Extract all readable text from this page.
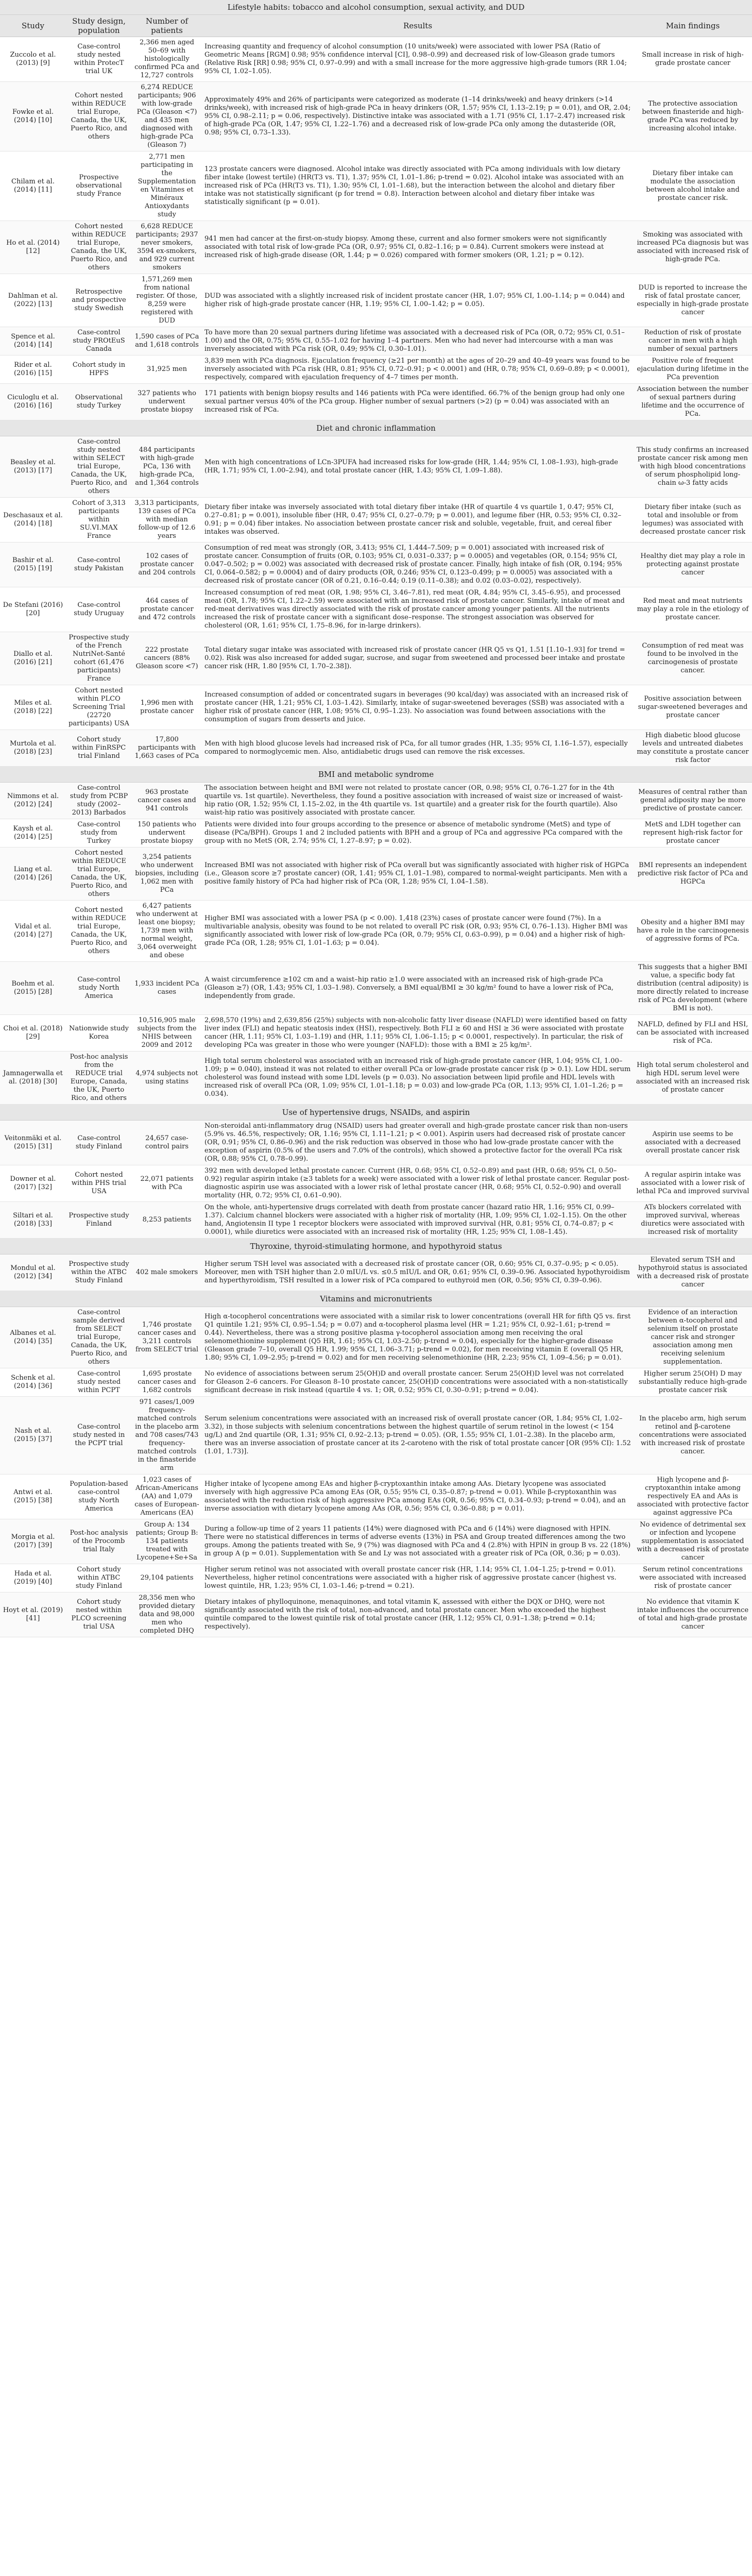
Lifestyle habits: tobacco and alcohol consumption, sexual activity, and DUD				
Study	Study design, population	Number of patients	Results	Main findings
Zuccolo et al. (2013) [9]	Case-control study nested within ProtecT trial UK	2,366 men aged 50–69 with histologically confirmed PCa and 12,727 controls	Increasing quantity and frequency of alcohol consumption (10 units/week) were associated with lower PSA (Ratio of Geometric Means [RGM] 0.98; 95% confidence interval [CI], 0.98–0.99) and decreased risk of low-Gleason grade tumors (Relative Risk [RR] 0.98; 95% CI, 0.97–0.99) and with a small increase for the more aggressive high-grade tumors (RR 1.04; 95% CI, 1.02–1.05).	Small increase in risk of high-grade prostate cancer
Fowke et al. (2014) [10]	Cohort nested within REDUCE trial Europe, Canada, the UK, Puerto Rico, and others	6,274 REDUCE participants; 906 with low-grade PCa (Gleason <7) and 435 men diagnosed with high-grade PCa (Gleason 7)	Approximately 49% and 26% of participants were categorized as moderate (1–14 drinks/week) and heavy drinkers (>14 drinks/week), with increased risk of high-grade PCa in heavy drinkers (OR, 1.57; 95% CI, 1.13–2.19; p = 0.01), and OR, 2.04; 95% CI, 0.98–2.11; p = 0.06, respectively). Distinctive intake was associated with a 1.71 (95% CI, 1.17–2.47) increased risk of high-grade PCa (OR, 1.47; 95% CI, 1.22–1.76) and a decreased risk of low-grade PCa only among the dutasteride (OR, 0.98; 95% CI, 0.73–1.33).	The protective association between finasteride and high-grade PCa was reduced by increasing alcohol intake.
Chilam et al. (2014) [11]	Prospective observational study France	2,771 men participating in the Supplementation en Vitamines et Minéraux Antioxydants study	123 prostate cancers were diagnosed. Alcohol intake was directly associated with PCa among individuals with low dietary fiber intake (lowest tertile) (HR(T3 vs. T1), 1.37; 95% CI, 1.01–1.86; p-trend = 0.02). Alcohol intake was associated with an increased risk of PCa (HR(T3 vs. T1), 1.30; 95% CI, 1.01–1.68), but the interaction between the alcohol and dietary fiber intake was not statistically significant (p for trend = 0.8). Interaction between alcohol and dietary fiber intake was statistically significant (p = 0.01).	Dietary fiber intake can modulate the association between alcohol intake and prostate cancer risk.
Ho et al. (2014) [12]	Cohort nested within REDUCE trial Europe, Canada, the UK, Puerto Rico, and others	6,628 REDUCE participants; 2937 never smokers, 3594 ex-smokers, and 929 current smokers	941 men had cancer at the first-on-study biopsy. Among these, current and also former smokers were not significantly associated with total risk of low-grade PCa (OR, 0.97; 95% CI, 0.82–1.16; p = 0.84). Current smokers were instead at increased risk of high-grade disease (OR, 1.44; p = 0.026) compared with former smokers (OR, 1.21; p = 0.12).	Smoking was associated with increased PCa diagnosis but was associated with increased risk of high-grade PCa.
Dahlman et al. (2022) [13]	Retrospective and prospective study Swedish	1,571,269 men from national register. Of those, 8,259 were registered with DUD	DUD was associated with a slightly increased risk of incident prostate cancer (HR, 1.07; 95% CI, 1.00–1.14; p = 0.044) and higher risk of high-grade prostate cancer (HR, 1.19; 95% CI, 1.00–1.42; p = 0.05).	DUD is reported to increase the risk of fatal prostate cancer, especially in high-grade prostate cancer
Spence et al. (2014) [14]	Case-control study PROtEuS Canada	1,590 cases of PCa and 1,618 controls	To have more than 20 sexual partners during lifetime was associated with a decreased risk of PCa (OR, 0.72; 95% CI, 0.51–1.00) and the OR, 0.75; 95% CI, 0.55–1.02 for having 1–4 partners. Men who had never had intercourse with a man was inversely associated with PCa risk (OR, 0.49; 95% CI, 0.30–1.01).	Reduction of risk of prostate cancer in men with a high number of sexual partners
Rider et al. (2016) [15]	Cohort study in HPFS	31,925 men	3,839 men with PCa diagnosis. Ejaculation frequency (≥21 per month) at the ages of 20–29 and 40–49 years was found to be inversely associated with PCa risk (HR, 0.81; 95% CI, 0.72–0.91; p < 0.0001) and (HR, 0.78; 95% CI, 0.69–0.89; p < 0.0001), respectively, compared with ejaculation frequency of 4–7 times per month.	Positive role of frequent ejaculation during lifetime in the PCa prevention
Ciculoglu et al. (2016) [16]	Observational study Turkey	327 patients who underwent prostate biopsy	171 patients with benign biopsy results and 146 patients with PCa were identified. 66.7% of the benign group had only one sexual partner versus 40% of the PCa group. Higher number of sexual partners (>2) (p = 0.04) was associated with an increased risk of PCa.	Association between the number of sexual partners during lifetime and the occurrence of PCa.
Diet and chronic inflammation				
Beasley et al. (2013) [17]	Case-control study nested within SELECT trial Europe, Canada, the UK, Puerto Rico, and others	484 participants with high-grade PCa, 136 with high-grade PCa, and 1,364 controls	Men with high concentrations of LCn-3PUFA had increased risks for low-grade (HR, 1.44; 95% CI, 1.08–1.93), high-grade (HR, 1.71; 95% CI, 1.00–2.94), and total prostate cancer (HR, 1.43; 95% CI, 1.09–1.88).	This study confirms an increased prostate cancer risk among men with high blood concentrations of serum phospholipid long-chain ω-3 fatty acids
Deschasaux et al. (2014) [18]	Cohort of 3,313 participants within SU.VI.MAX France	3,313 participants, 139 cases of PCa with median follow-up of 12.6 years	Dietary fiber intake was inversely associated with total dietary fiber intake (HR of quartile 4 vs quartile 1, 0.47; 95% CI, 0.27–0.81; p = 0.001), insoluble fiber (HR, 0.47; 95% CI, 0.27–0.79; p = 0.001), and legume fiber (HR, 0.53; 95% CI, 0.32–0.91; p = 0.04) fiber intakes. No association between prostate cancer risk and soluble, vegetable, fruit, and cereal fiber intakes was observed.	Dietary fiber intake (such as total and insoluble or from legumes) was associated with decreased prostate cancer risk
Bashir et al. (2015) [19]	Case-control study Pakistan	102 cases of prostate cancer and 204 controls	Consumption of red meat was strongly (OR, 3.413; 95% CI, 1.444–7.509; p = 0.001) associated with increased risk of prostate cancer. Consumption of fruits (OR, 0.103; 95% CI, 0.031–0.337; p = 0.0005) and vegetables (OR, 0.154; 95% CI, 0.047–0.502; p = 0.002) was associated with decreased risk of prostate cancer. Finally, high intake of fish (OR, 0.194; 95% CI, 0.064–0.582; p = 0.0004) and of dairy products (OR, 0.246; 95% CI, 0.123–0.499; p = 0.0005) was associated with a decreased risk of prostate cancer (OR of 0.21, 0.16–0.44; 0.19 (0.11–0.38); and 0.02 (0.03–0.02), respectively).	Healthy diet may play a role in protecting against prostate cancer
De Stefani (2016) [20]	Case-control study Uruguay	464 cases of prostate cancer and 472 controls	Increased consumption of red meat (OR, 1.98; 95% CI, 3.46–7.81), red meat (OR, 4.84; 95% CI, 3.45–6.95), and processed meat (OR, 1.78; 95% CI, 1.22–2.59) were associated with an increased risk of prostate cancer. Similarly, intake of meat and red-meat derivatives was directly associated with the risk of prostate cancer among younger patients. All the nutrients increased the risk of prostate cancer with a significant dose–response. The strongest association was observed for cholesterol (OR, 1.61; 95% CI, 1.75–8.96, for in-large drinkers).	Red meat and meat nutrients may play a role in the etiology of prostate cancer.
Diallo et al. (2016) [21]	Prospective study of the French NutriNet-Santé cohort (61,476 participants) France	222 prostate cancers (88% Gleason score <7)	Total dietary sugar intake was associated with increased risk of prostate cancer (HR Q5 vs Q1, 1.51 [1.10–1.93] for trend = 0.02). Risk was also increased for added sugar, sucrose, and sugar from sweetened and processed beer intake and prostate cancer risk (HR, 1.80 [95% CI, 1.70–2.38]).	Consumption of red meat was found to be involved in the carcinogenesis of prostate cancer.
Miles et al. (2018) [22]	Cohort nested within PLCO Screening Trial (22720 participants) USA	1,996 men with prostate cancer	Increased consumption of added or concentrated sugars in beverages (90 kcal/day) was associated with an increased risk of prostate cancer (HR, 1.21; 95% CI, 1.03–1.42). Similarly, intake of sugar-sweetened beverages (SSB) was associated with a higher risk of prostate cancer (HR, 1.08; 95% CI, 0.95–1.23). No association was found between associations with the consumption of sugars from desserts and juice.	Positive association between sugar-sweetened beverages and prostate cancer
Murtola et al. (2018) [23]	Cohort study within FinRSPC trial Finland	17,800 participants with 1,663 cases of PCa	Men with high blood glucose levels had increased risk of PCa, for all tumor grades (HR, 1.35; 95% CI, 1.16–1.57), especially compared to normoglycemic men. Also, antidiabetic drugs used can remove the risk excesses.	High diabetic blood glucose levels and untreated diabetes may constitute a prostate cancer risk factor
BMI and metabolic syndrome				
Nimmons et al. (2012) [24]	Case-control study from PCBP study (2002–2013) Barbados	963 prostate cancer cases and 941 controls	The association between height and BMI were not related to prostate cancer (OR, 0.98; 95% CI, 0.76–1.27 for in the 4th quartile vs. 1st quartile). Nevertheless, they found a positive association with increased of waist size or increased of waist-hip ratio (OR, 1.52; 95% CI, 1.15–2.02, in the 4th quartile vs. 1st quartile) and a greater risk for the fourth quartile). Also waist-hip ratio was positively associated with prostate cancer.	Measures of central rather than general adiposity may be more predictive of prostate cancer.
Kaysh et al. (2014) [25]	Case-control study from Turkey	150 patients who underwent prostate biopsy	Patients were divided into four groups according to the presence or absence of metabolic syndrome (MetS) and type of disease (PCa/BPH). Groups 1 and 2 included patients with BPH and a group of PCa and aggressive PCa compared with the group with no MetS (OR, 2.74; 95% CI, 1.27–8.97; p = 0.02).	MetS and LDH together can represent high-risk factor for prostate cancer
Liang et al. (2014) [26]	Cohort nested within REDUCE trial Europe, Canada, the UK, Puerto Rico, and others	3,254 patients who underwent biopsies, including 1,062 men with PCa	Increased BMI was not associated with higher risk of PCa overall but was significantly associated with higher risk of HGPCa (i.e., Gleason score ≥7 prostate cancer) (OR, 1.41; 95% CI, 1.01–1.98), compared to normal-weight participants. Men with a positive family history of PCa had higher risk of PCa (OR, 1.28; 95% CI, 1.04–1.58).	BMI represents an independent predictive risk factor of PCa and HGPCa
Vidal et al. (2014) [27]	Cohort nested within REDUCE trial Europe, Canada, the UK, Puerto Rico, and others	6,427 patients who underwent at least one biopsy; 1,739 men with normal weight, 3,064 overweight and obese	Higher BMI was associated with a lower PSA (p < 0.00). 1,418 (23%) cases of prostate cancer were found (7%). In a multivariable analysis, obesity was found to be not related to overall PC risk (OR, 0.93; 95% CI, 0.76–1.13). Higher BMI was significantly associated with lower risk of low-grade PCa (OR, 0.79; 95% CI, 0.63–0.99), p = 0.04) and a higher risk of high-grade PCa (OR, 1.28; 95% CI, 1.01–1.63; p = 0.04).	Obesity and a higher BMI may have a role in the carcinogenesis of aggressive forms of PCa.
Boehm et al. (2015) [28]	Case-control study North America	1,933 incident PCa cases	A waist circumference ≥102 cm and a waist–hip ratio ≥1.0 were associated with an increased risk of high-grade PCa (Gleason ≥7) (OR, 1.43; 95% CI, 1.03–1.98). Conversely, a BMI equal/BMI ≥ 30 kg/m² found to have a lower risk of PCa, independently from grade.	This suggests that a higher BMI value, a specific body fat distribution (central adiposity) is more directly related to increase risk of PCa development (where BMI is not).
Choi et al. (2018) [29]	Nationwide study Korea	10,516,905 male subjects from the NHIS between 2009 and 2012	2,698,570 (19%) and 2,639,856 (25%) subjects with non-alcoholic fatty liver disease (NAFLD) were identified based on fatty liver index (FLI) and hepatic steatosis index (HSI), respectively. Both FLI ≥ 60 and HSI ≥ 36 were associated with prostate cancer (HR, 1.11; 95% CI, 1.03–1.19) and (HR, 1.11; 95% CI, 1.06–1.15; p < 0.0001, respectively). In particular, the risk of developing PCa was greater in those who were younger (NAFLD): those with a BMI ≥ 25 kg/m².	NAFLD, defined by FLI and HSI, can be associated with increased risk of PCa.
Jamnagerwalla et al. (2018) [30]	Post-hoc analysis from the REDUCE trial Europe, Canada, the UK, Puerto Rico, and others	4,974 subjects not using statins	High total serum cholesterol was associated with an increased risk of high-grade prostate cancer (HR, 1.04; 95% CI, 1.00–1.09; p = 0.040), instead it was not related to either overall PCa or low-grade prostate cancer risk (p > 0.1). Low HDL serum cholesterol was found instead with some LDL levels (p = 0.03). No association between lipid profile and HDL levels with increased risk of overall PCa (OR, 1.09; 95% CI, 1.01–1.18; p = 0.03) and low-grade PCa (OR, 1.13; 95% CI, 1.01–1.26; p = 0.034).	High total serum cholesterol and high HDL serum level were associated with an increased risk of prostate cancer
Use of hypertensive drugs, NSAIDs, and aspirin				
Veitonmäki et al. (2015) [31]	Case-control study Finland	24,657 case-control pairs	Non-steroidal anti-inflammatory drug (NSAID) users had greater overall and high-grade prostate cancer risk than non-users (5.9% vs. 46.5%, respectively; OR, 1.16; 95% CI, 1.11–1.21; p < 0.001). Aspirin users had decreased risk of prostate cancer (OR, 0.91; 95% CI, 0.86–0.96) and the risk reduction was observed in those who had low-grade prostate cancer with the exception of aspirin (0.5% of the users and 7.0% of the controls), which showed a protective factor for the overall PCa risk (OR, 0.88; 95% CI, 0.78–0.99).	Aspirin use seems to be associated with a decreased overall prostate cancer risk
Downer et al. (2017) [32]	Cohort nested within PHS trial USA	22,071 patients with PCa	392 men with developed lethal prostate cancer. Current (HR, 0.68; 95% CI, 0.52–0.89) and past (HR, 0.68; 95% CI, 0.50–0.92) regular aspirin intake (≥3 tablets for a week) were associated with a lower risk of lethal prostate cancer. Regular post-diagnostic aspirin use was associated with a lower risk of lethal prostate cancer (HR, 0.68; 95% CI, 0.52–0.90) and overall mortality (HR, 0.72; 95% CI, 0.61–0.90).	A regular aspirin intake was associated with a lower risk of lethal PCa and improved survival
Siltari et al. (2018) [33]	Prospective study Finland	8,253 patients	On the whole, anti-hypertensive drugs correlated with death from prostate cancer (hazard ratio HR, 1.16; 95% CI, 0.99–1.37). Calcium channel blockers were associated with a higher risk of mortality (HR, 1.09; 95% CI, 1.02–1.15). On the other hand, Angiotensin II type 1 receptor blockers were associated with improved survival (HR, 0.81; 95% CI, 0.74–0.87; p < 0.0001), while diuretics were associated with an increased risk of mortality (HR, 1.25; 95% CI, 1.08–1.45).	ATs blockers correlated with improved survival, whereas diuretics were associated with increased risk of mortality
Thyroxine, thyroid-stimulating hormone, and hypothyroid status				
Mondul et al. (2012) [34]	Prospective study within the ATBC Study Finland	402 male smokers	Higher serum TSH level was associated with a decreased risk of prostate cancer (OR, 0.60; 95% CI, 0.37–0.95; p < 0.05). Moreover, men with TSH higher than 2.0 mIU/L vs. ≤0.5 mIU/L and OR, 0.61; 95% CI, 0.39–0.96. Associated hypothyroidism and hyperthyroidism, TSH resulted in a lower risk of PCa compared to euthyroid men (OR, 0.56; 95% CI, 0.39–0.96).	Elevated serum TSH and hypothyroid status is associated with a decreased risk of prostate cancer
Vitamins and micronutrients				
Albanes et al. (2014) [35]	Case-control sample derived from SELECT trial Europe, Canada, the UK, Puerto Rico, and others	1,746 prostate cancer cases and 3,211 controls from SELECT trial	High α-tocopherol concentrations were associated with a similar risk to lower concentrations (overall HR for fifth Q5 vs. first Q1 quintile 1.21; 95% CI, 0.95–1.54; p = 0.07) and α-tocopherol plasma level (HR = 1.21; 95% CI, 0.92–1.61; p-trend = 0.44). Nevertheless, there was a strong positive plasma γ-tocopherol association among men receiving the oral selenomethionine supplement (Q5 HR, 1.61; 95% CI, 1.03–2.50; p-trend = 0.04), especially for the higher-grade disease (Gleason grade 7–10, overall Q5 HR, 1.99; 95% CI, 1.06–3.71; p-trend = 0.02), for men receiving vitamin E (overall Q5 HR, 1.80; 95% CI, 1.09–2.95; p-trend = 0.02) and for men receiving selenomethionine (HR, 2.23; 95% CI, 1.09–4.56; p = 0.01).	Evidence of an interaction between α-tocopherol and selenium itself on prostate cancer risk and stronger association among men receiving selenium supplementation.
Schenk et al. (2014) [36]	Case-control study nested within PCPT	1,695 prostate cancer cases and 1,682 controls	No evidence of associations between serum 25(OH)D and overall prostate cancer. Serum 25(OH)D level was not correlated for Gleason 2–6 cancers. For Gleason 8–10 prostate cancer, 25(OH)D concentrations were associated with a non-statistically significant decrease in risk instead (quartile 4 vs. 1; OR, 0.52; 95% CI, 0.30–0.91; p-trend = 0.04).	Higher serum 25(OH) D may substantially reduce high-grade prostate cancer risk
Nash et al. (2015) [37]	Case-control study nested in the PCPT trial	971 cases/1,009 frequency-matched controls in the placebo arm and 708 cases/743 frequency-matched controls in the finasteride arm	Serum selenium concentrations were associated with an increased risk of overall prostate cancer (OR, 1.84; 95% CI, 1.02–3.32), in those subjects with selenium concentrations between the highest quartile of serum retinol in the lowest (< 154 ug/L) and 2nd quartile (OR, 1.31; 95% CI, 0.92–2.13; p-trend = 0.05). (OR, 1.55; 95% CI, 1.01–2.38). In the placebo arm, there was an inverse association of prostate cancer at its 2-caroteno with the risk of total prostate cancer [OR (95% CI): 1.52 (1.01, 1.73)].	In the placebo arm, high serum retinol and β-carotene concentrations were associated with increased risk of prostate cancer.
Antwi et al. (2015) [38]	Population-based case-control study North America	1,023 cases of African-Americans (AA) and 1,079 cases of European-Americans (EA)	Higher intake of lycopene among EAs and higher β-cryptoxanthin intake among AAs. Dietary lycopene was associated inversely with high aggressive PCa among EAs (OR, 0.55; 95% CI, 0.35–0.87; p-trend = 0.01). While β-cryptoxanthin was associated with the reduction risk of high aggressive PCa among EAs (OR, 0.56; 95% CI, 0.34–0.93; p-trend = 0.04), and an inverse association with dietary lycopene among AAs (OR, 0.56; 95% CI, 0.36–0.88; p = 0.01).	High lycopene and β-cryptoxanthin intake among respectively EA and AAs is associated with protective factor against aggressive PCa
Morgia et al. (2017) [39]	Post-hoc analysis of the Procomb trial Italy	Group A: 134 patients; Group B: 134 patients treated with Lycopene+Se+Sa	During a follow-up time of 2 years 11 patients (14%) were diagnosed with PCa and 6 (14%) were diagnosed with HPIN. There were no statistical differences in terms of adverse events (13%) in PSA and Group treated differences among the two groups. Among the patients treated with Se, 9 (7%) was diagnosed with PCa and 4 (2.8%) with HPIN in group B vs. 22 (18%) in group A (p = 0.01). Supplementation with Se and Ly was not associated with a greater risk of PCa (OR, 0.36; p = 0.03).	No evidence of detrimental sex or infection and lycopene supplementation is associated with a decreased risk of prostate cancer
Hada et al. (2019) [40]	Cohort study within ATBC study Finland	29,104 patients	Higher serum retinol was not associated with overall prostate cancer risk (HR, 1.14; 95% CI, 1.04–1.25; p-trend = 0.01). Nevertheless, higher retinol concentrations were associated with a higher risk of aggressive prostate cancer (highest vs. lowest quintile, HR, 1.23; 95% CI, 1.03–1.46; p-trend = 0.21).	Serum retinol concentrations were associated with increased risk of prostate cancer
Hoyt et al. (2019) [41]	Cohort study nested within PLCO screening trial USA	28,356 men who provided dietary data and 98,000 men who completed DHQ	Dietary intakes of phylloquinone, menaquinones, and total vitamin K, assessed with either the DQX or DHQ, were not significantly associated with the risk of total, non-advanced, and total prostate cancer. Men who exceeded the highest quintile compared to the lowest quintile risk of total prostate cancer (HR, 1.12; 95% CI, 0.91–1.38; p-trend = 0.14; respectively).	No evidence that vitamin K intake influences the occurrence of total and high-grade prostate cancer
